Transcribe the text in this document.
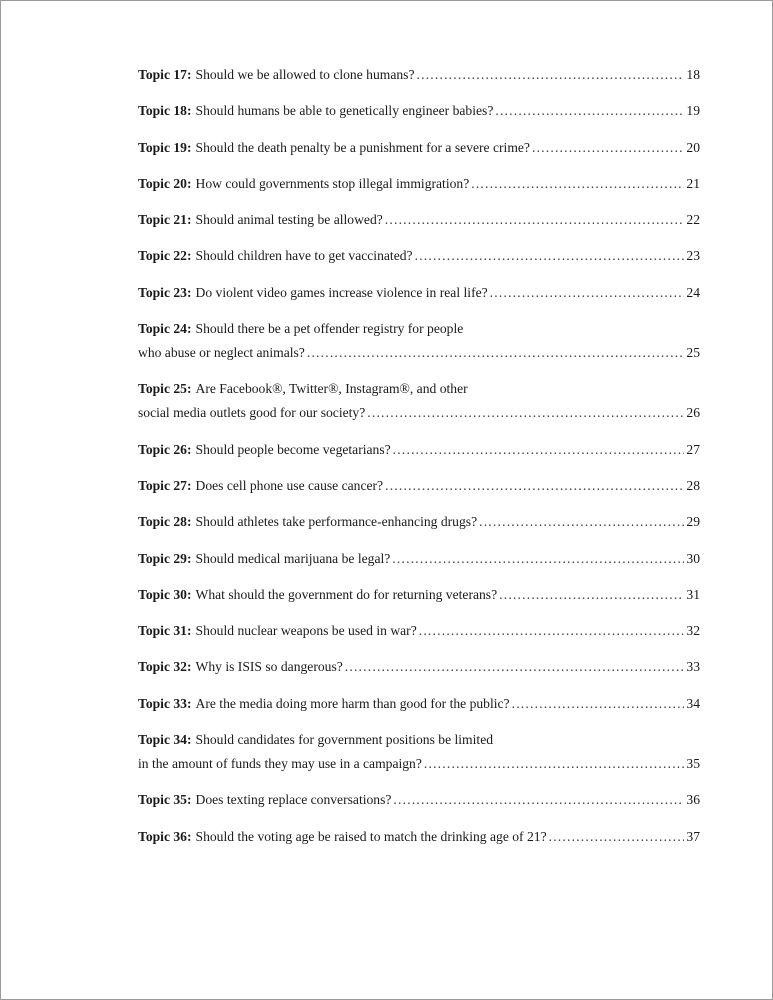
Topic 17: Should we be allowed to clone humans? .....	18
Topic 18: Should humans be able to genetically engineer babies? .....	19
Topic 19: Should the death penalty be a punishment for a severe crime? .....	20
Topic 20: How could governments stop illegal immigration? .....	21
Topic 21: Should animal testing be allowed? .....	22
Topic 22: Should children have to get vaccinated? .....	23
Topic 23: Do violent video games increase violence in real life? .....	24
Topic 24: Should there be a pet offender registry for people
who abuse or neglect animals? .....	25
Topic 25: Are Facebook®, Twitter®, Instagram®, and other
social media outlets good for our society? .....	26
Topic 26: Should people become vegetarians? .....	27
Topic 27: Does cell phone use cause cancer? .....	28
Topic 28: Should athletes take performance-enhancing drugs? .....	29
Topic 29: Should medical marijuana be legal? .....	30
Topic 30: What should the government do for returning veterans? .....	31
Topic 31: Should nuclear weapons be used in war? .....	32
Topic 32: Why is ISIS so dangerous? .....	33
Topic 33: Are the media doing more harm than good for the public? .....	34
Topic 34: Should candidates for government positions be limited
in the amount of funds they may use in a campaign? .....	35
Topic 35: Does texting replace conversations? .....	36
Topic 36: Should the voting age be raised to match the drinking age of 21? .....	37
